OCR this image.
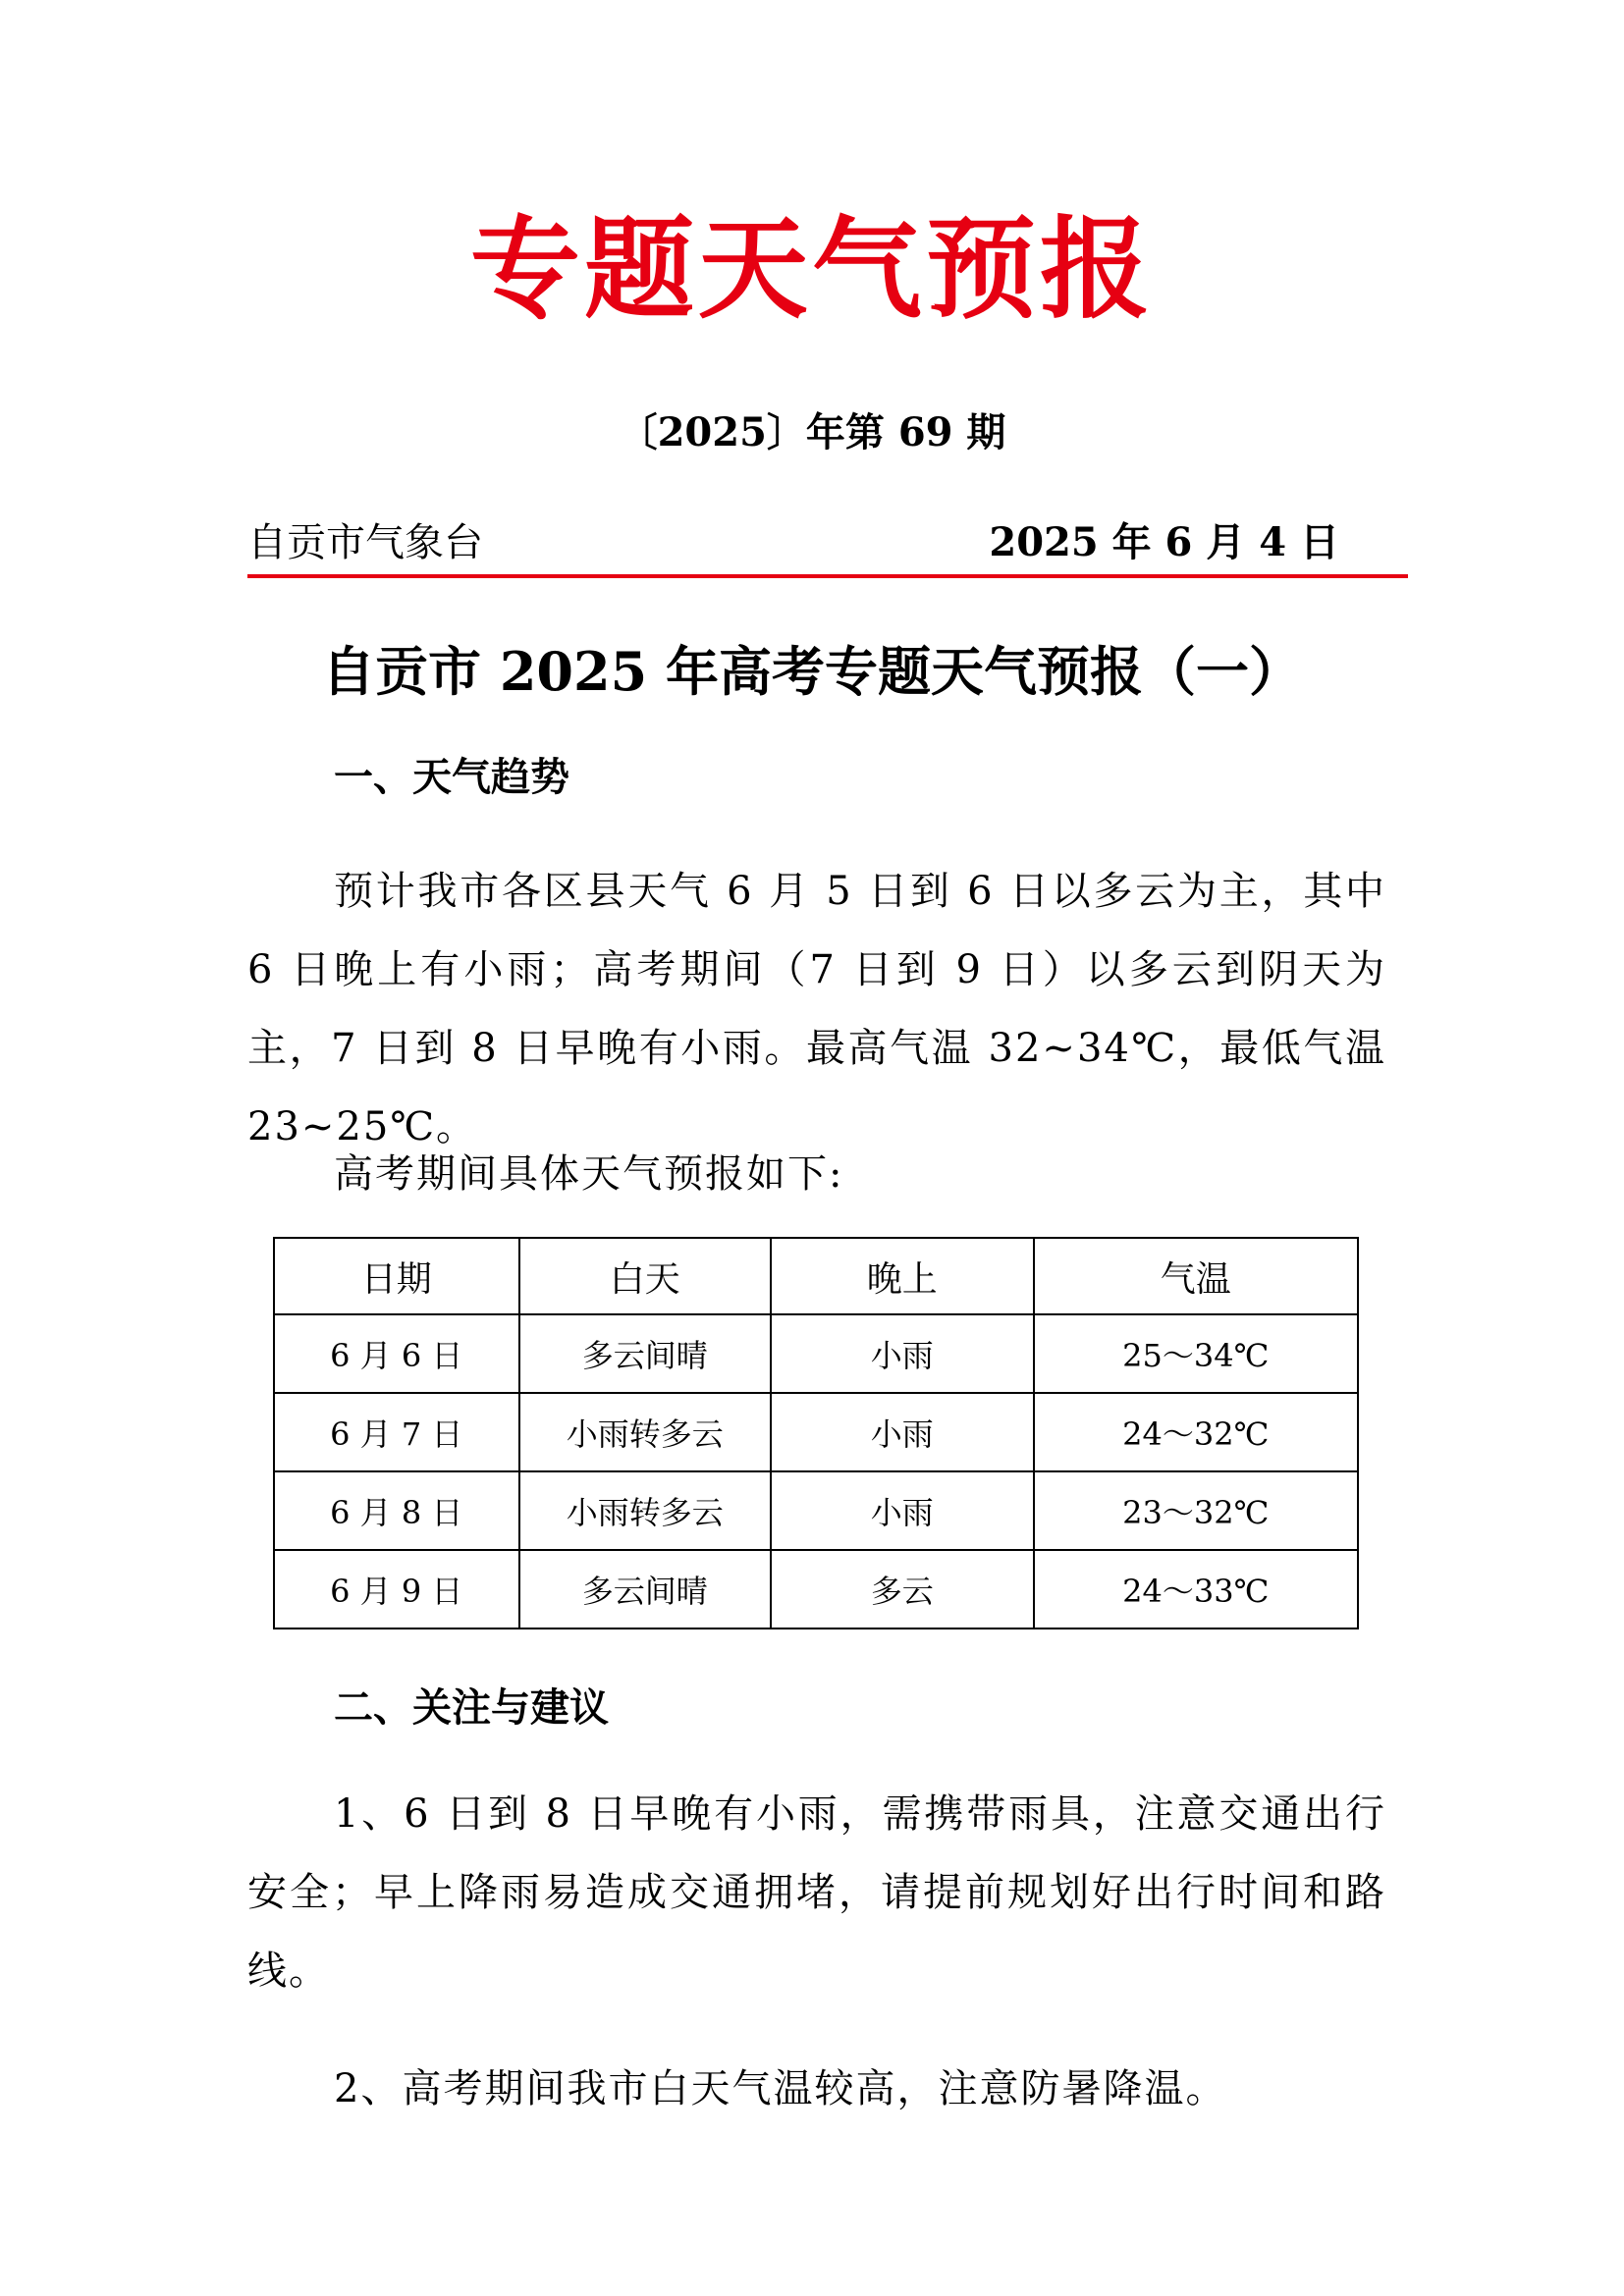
专题天气预报
〔2025〕年第 69 期
自贡市气象台	2025 年 6 月 4 日
自贡市 2025 年高考专题天气预报（一）
一、天气趋势
预计我市各区县天气 6 月 5 日到 6 日以多云为主，其中 6 日晚上有小雨；高考期间（7 日到 9 日）以多云到阴天为主，7 日到 8 日早晚有小雨。最高气温 32~34℃，最低气温 23~25℃。
高考期间具体天气预报如下:
日期	白天	晚上	气温
6 月 6 日	多云间晴	小雨	25～34℃
6 月 7 日	小雨转多云	小雨	24～32℃
6 月 8 日	小雨转多云	小雨	23～32℃
6 月 9 日	多云间晴	多云	24～33℃
二、关注与建议
1、6 日到 8 日早晚有小雨，需携带雨具，注意交通出行安全；早上降雨易造成交通拥堵，请提前规划好出行时间和路线。
2、高考期间我市白天气温较高，注意防暑降温。
